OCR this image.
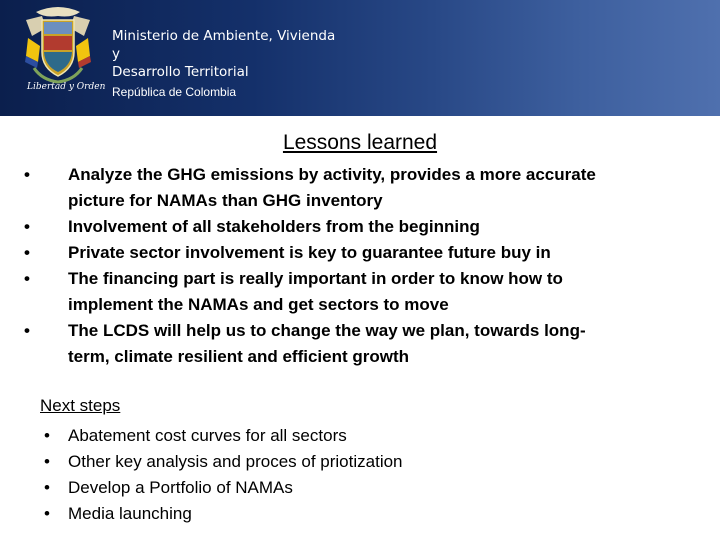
Libertad y Orden
Ministerio de Ambiente, Vivienda
y
Desarrollo Territorial
República de Colombia
Lessons learned
• Analyze the GHG emissions by activity, provides a more accurate
picture for NAMAs than GHG inventory
• Involvement of all stakeholders from the beginning
• Private sector involvement is key to guarantee future buy in
• The financing part is really important in order to know how to
implement the NAMAs and get sectors to move
• The LCDS will help us to change the way we plan, towards long-
term, climate resilient and efficient growth
Next steps
• Abatement cost curves for all sectors
• Other key analysis and proces of priotization
• Develop a Portfolio of NAMAs
• Media launching
